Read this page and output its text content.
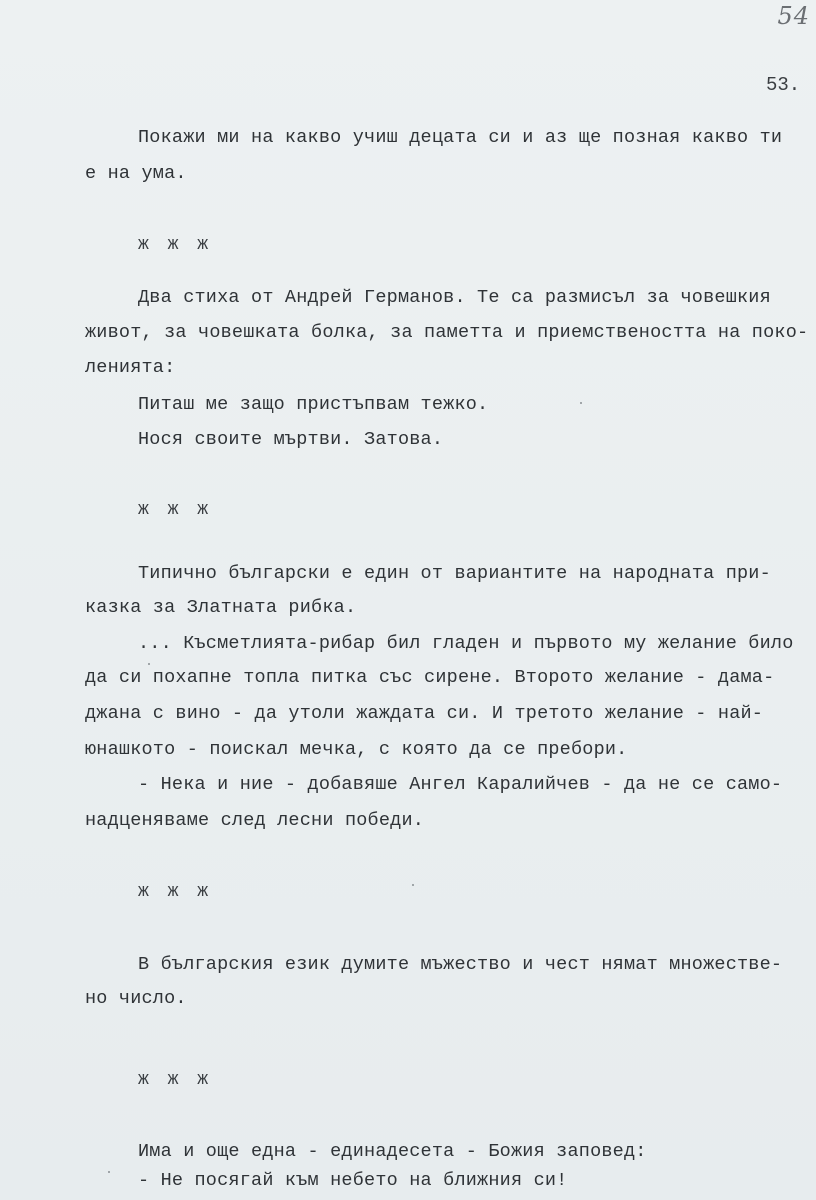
54
53.
Покажи ми на какво учиш децата си и аз ще позная какво ти
е на ума.
ж ж ж
Два стиха от Андрей Германов. Те са размисъл за човешкия
живот, за човешката болка, за паметта и приемствеността на поко-
ленията:
Питаш ме защо пристъпвам тежко.
Нося своите мъртви. Затова.
ж ж ж
Типично български е един от вариантите на народната при-
казка за Златната рибка.
... Късметлията-рибар бил гладен и първото му желание било
да си похапне топла питка със сирене. Второто желание - дама-
джана с вино - да утоли жаждата си. И третото желание - най-
юнашкото - поискал мечка, с която да се пребори.
- Нека и ние - добавяше Ангел Каралийчев - да не се само-
надценяваме след лесни победи.
ж ж ж
В българския език думите мъжество и чест нямат множестве-
но число.
ж ж ж
Има и още една - единадесета - Божия заповед:
- Не посягай към небето на ближния си!
